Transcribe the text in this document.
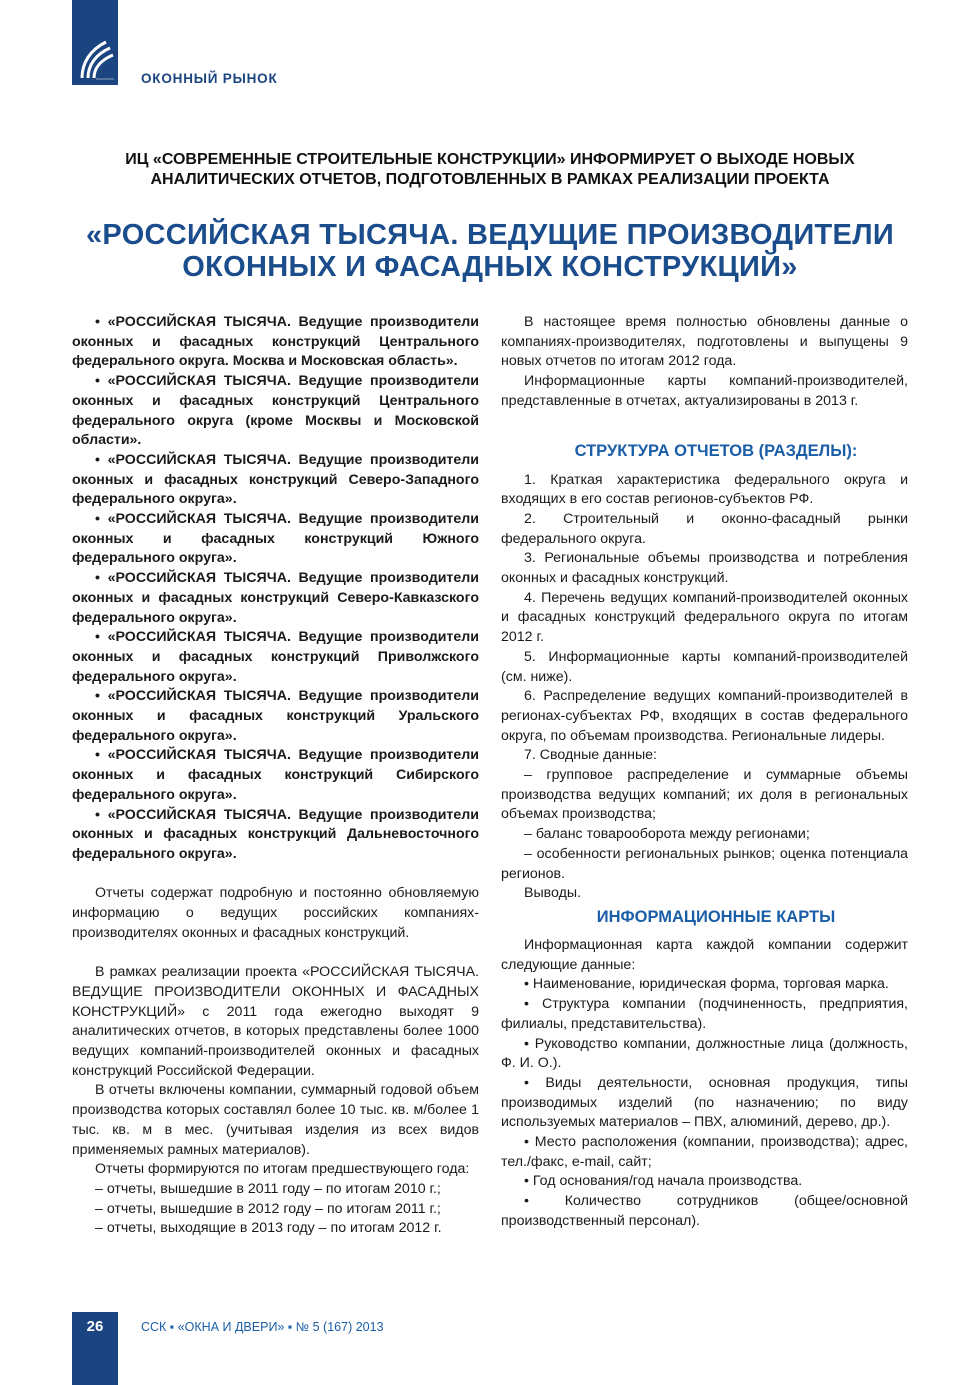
ОКОННЫЙ РЫНОК
ИЦ «СОВРЕМЕННЫЕ СТРОИТЕЛЬНЫЕ КОНСТРУКЦИИ» ИНФОРМИРУЕТ О ВЫХОДЕ НОВЫХ
АНАЛИТИЧЕСКИХ ОТЧЕТОВ, ПОДГОТОВЛЕННЫХ В РАМКАХ РЕАЛИЗАЦИИ ПРОЕКТА
«РОССИЙСКАЯ ТЫСЯЧА. ВЕДУЩИЕ ПРОИЗВОДИТЕЛИ
ОКОННЫХ И ФАСАДНЫХ КОНСТРУКЦИЙ»

• «РОССИЙСКАЯ ТЫСЯЧА. Ведущие производители оконных и фасадных конструкций Центрального федерального округа. Москва и Московская область».

• «РОССИЙСКАЯ ТЫСЯЧА. Ведущие производители оконных и фасадных конструкций Центрального федерального округа (кроме Москвы и Московской области».

• «РОССИЙСКАЯ ТЫСЯЧА. Ведущие производители оконных и фасадных конструкций Северо-Западного федерального округа».

• «РОССИЙСКАЯ ТЫСЯЧА. Ведущие производители оконных и фасадных конструкций Южного федерального округа».

• «РОССИЙСКАЯ ТЫСЯЧА. Ведущие производители оконных и фасадных конструкций Северо-Кавказского федерального округа».

• «РОССИЙСКАЯ ТЫСЯЧА. Ведущие производители оконных и фасадных конструкций Приволжского федерального округа».

• «РОССИЙСКАЯ ТЫСЯЧА. Ведущие производители оконных и фасадных конструкций Уральского федерального округа».

• «РОССИЙСКАЯ ТЫСЯЧА. Ведущие производители оконных и фасадных конструкций Сибирского федерального округа».

• «РОССИЙСКАЯ ТЫСЯЧА. Ведущие производители оконных и фасадных конструкций Дальневосточного федерального округа».

Отчеты содержат подробную и постоянно обновляемую информацию о ведущих российских компаниях-производителях оконных и фасадных конструкций.

В рамках реализации проекта «РОССИЙСКАЯ ТЫСЯЧА. ВЕДУЩИЕ ПРОИЗВОДИТЕЛИ ОКОННЫХ И ФАСАДНЫХ КОНСТРУКЦИЙ» с 2011 года ежегодно выходят 9 аналитических отчетов, в которых представлены более 1000 ведущих компаний-производителей оконных и фасадных конструкций Российской Федерации.

В отчеты включены компании, суммарный годовой объем производства которых составлял более 10 тыс. кв. м/более 1 тыс. кв. м в мес. (учитывая изделия из всех видов применяемых рамных материалов).

Отчеты формируются по итогам предшествующего года:

– отчеты, вышедшие в 2011 году – по итогам 2010 г.;

– отчеты, вышедшие в 2012 году – по итогам 2011 г.;

– отчеты, выходящие в 2013 году – по итогам 2012 г.

В настоящее время полностью обновлены данные о компаниях-производителях, подготовлены и выпущены 9 новых отчетов по итогам 2012 года.

Информационные карты компаний-производителей, представленные в отчетах, актуализированы в 2013 г.

СТРУКТУРА ОТЧЕТОВ (РАЗДЕЛЫ):

1. Краткая характеристика федерального округа и входящих в его состав регионов-субъектов РФ.

2. Строительный и оконно-фасадный рынки федерального округа.

3. Региональные объемы производства и потребления оконных и фасадных конструкций.

4. Перечень ведущих компаний-производителей оконных и фасадных конструкций федерального округа по итогам 2012 г.

5. Информационные карты компаний-производителей (см. ниже).

6. Распределение ведущих компаний-производителей в регионах-субъектах РФ, входящих в состав федерального округа, по объемам производства. Региональные лидеры.

7. Сводные данные:

– групповое распределение и суммарные объемы производства ведущих компаний; их доля в региональных объемах производства;

– баланс товарооборота между регионами;

– особенности региональных рынков; оценка потенциала регионов.

Выводы.

ИНФОРМАЦИОННЫЕ КАРТЫ

Информационная карта каждой компании содержит следующие данные:

• Наименование, юридическая форма, торговая марка.

• Структура компании (подчиненность, предприятия, филиалы, представительства).

• Руководство компании, должностные лица (должность, Ф. И. О.).

• Виды деятельности, основная продукция, типы производимых изделий (по назначению; по виду используемых материалов – ПВХ, алюминий, дерево, др.).

• Место расположения (компании, производства); адрес, тел./факс, e-mail, сайт;

• Год основания/год начала производства.

• Количество сотрудников (общее/основной производственный персонал).

26	ССК ▪ «ОКНА И ДВЕРИ» ▪ № 5 (167) 2013
